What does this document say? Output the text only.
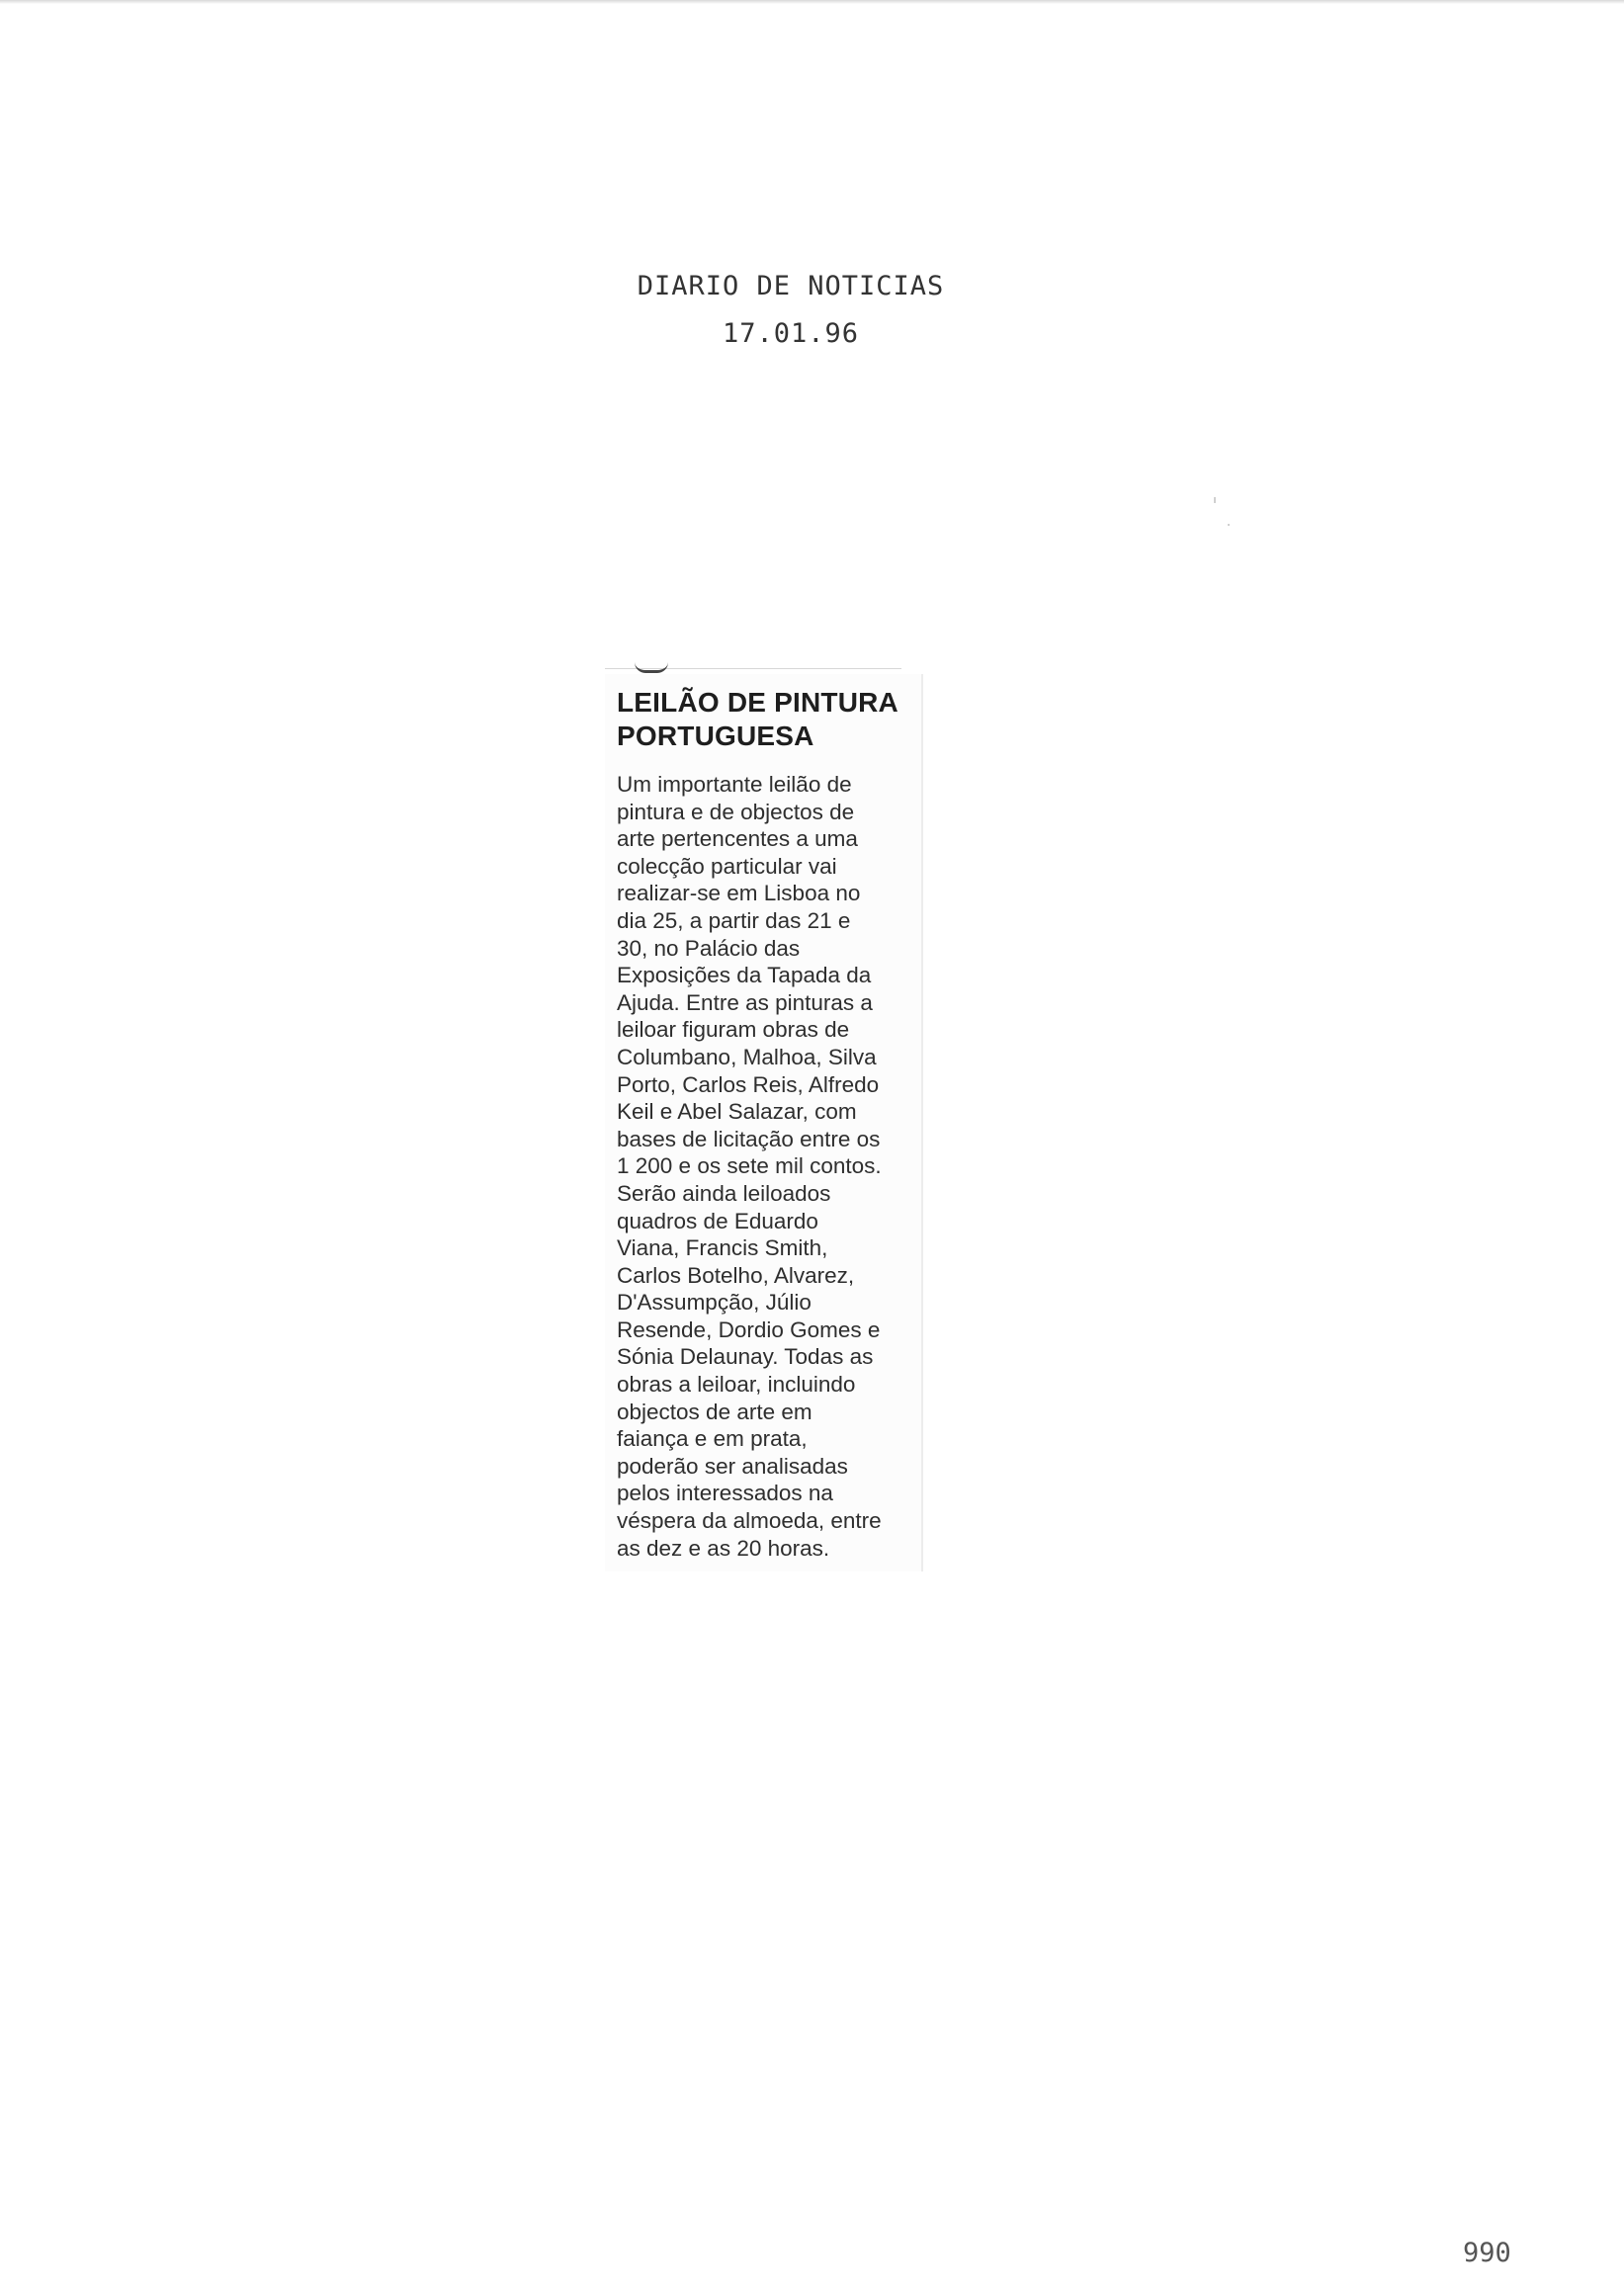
DIARIO DE NOTICIAS
17.01.96
LEILÃO DE PINTURA
PORTUGUESA
Um importante leilão de
pintura e de objectos de
arte pertencentes a uma
colecção particular vai
realizar-se em Lisboa no
dia 25, a partir das 21 e
30, no Palácio das
Exposições da Tapada da
Ajuda. Entre as pinturas a
leiloar figuram obras de
Columbano, Malhoa, Silva
Porto, Carlos Reis, Alfredo
Keil e Abel Salazar, com
bases de licitação entre os
1 200 e os sete mil contos.
Serão ainda leiloados
quadros de Eduardo
Viana, Francis Smith,
Carlos Botelho, Alvarez,
D'Assumpção, Júlio
Resende, Dordio Gomes e
Sónia Delaunay. Todas as
obras a leiloar, incluindo
objectos de arte em
faiança e em prata,
poderão ser analisadas
pelos interessados na
véspera da almoeda, entre
as dez e as 20 horas.
990
